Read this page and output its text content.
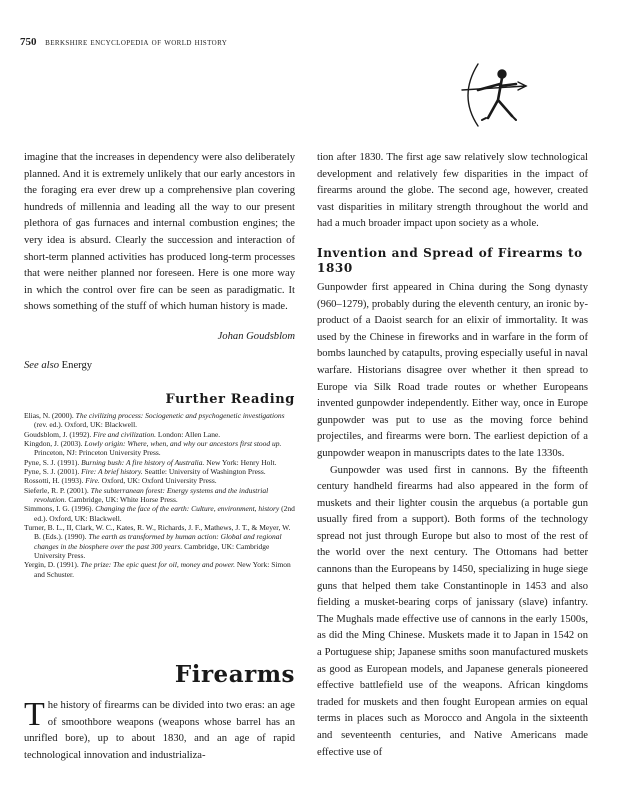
750 berkshire encyclopedia of world history

imagine that the increases in dependency were also deliberately planned. And it is extremely unlikely that our early ancestors in the foraging era ever drew up a comprehensive plan covering hundreds of millennia and leading all the way to our present plethora of gas furnaces and internal combustion engines; the very idea is absurd. Clearly the succession and interaction of short-term planned activities has produced long-term processes that were neither planned nor foreseen. Here is one more way in which the control over fire can be seen as paradigmatic. It shows something of the stuff of which human history is made.

Johan Goudsblom

See also Energy

Further Reading

Elias, N. (2000). The civilizing process: Sociogenetic and psychogenetic investigations (rev. ed.). Oxford, UK: Blackwell.

Goudsblom, J. (1992). Fire and civilization. London: Allen Lane.

Kingdon, J. (2003). Lowly origin: Where, when, and why our ancestors first stood up. Princeton, NJ: Princeton University Press.

Pyne, S. J. (1991). Burning bush: A fire history of Australia. New York: Henry Holt.

Pyne, S. J. (2001). Fire: A brief history. Seattle: University of Washington Press.

Rossotti, H. (1993). Fire. Oxford, UK: Oxford University Press.

Sieferle, R. P. (2001). The subterranean forest: Energy systems and the industrial revolution. Cambridge, UK: White Horse Press.

Simmons, I. G. (1996). Changing the face of the earth: Culture, environment, history (2nd ed.). Oxford, UK: Blackwell.

Turner, B. L., II, Clark, W. C., Kates, R. W., Richards, J. F., Mathews, J. T., & Meyer, W. B. (Eds.). (1990). The earth as transformed by human action: Global and regional changes in the biosphere over the past 300 years. Cambridge, UK: Cambridge University Press.

Yergin, D. (1991). The prize: The epic quest for oil, money and power. New York: Simon and Schuster.

Firearms

The history of firearms can be divided into two eras: an age of smoothbore weapons (weapons whose barrel has an unrifled bore), up to about 1830, and an age of rapid technological innovation and industrializa-

tion after 1830. The first age saw relatively slow technological development and relatively few disparities in the impact of firearms around the globe. The second age, however, created vast disparities in military strength throughout the world and had a much broader impact upon society as a whole.

Invention and Spread of Firearms to 1830

Gunpowder first appeared in China during the Song dynasty (960–1279), probably during the eleventh century, an ironic by-product of a Daoist search for an elixir of immortality. It was used by the Chinese in fireworks and in warfare in the form of bombs launched by catapults, proving especially useful in naval warfare. Historians disagree over whether it then spread to Europe via Silk Road trade routes or whether Europeans invented gunpowder independently. Either way, once in Europe gunpowder was put to use as the moving force behind projectiles, and firearms were born. The earliest depiction of a gunpowder weapon in manuscripts dates to the late 1330s.

Gunpowder was used first in cannons. By the fifteenth century handheld firearms had also appeared in the form of muskets and their lighter cousin the arquebus (a portable gun usually fired from a support). Both forms of the technology spread not just through Europe but also to most of the rest of the world over the next century. The Ottomans had better cannons than the Europeans by 1450, specializing in huge siege guns that helped them take Constantinople in 1453 and also fielding a musket-bearing corps of janissary (slave) infantry. The Mughals made effective use of cannons in the early 1500s, as did the Ming Chinese. Muskets made it to Japan in 1542 on a Portuguese ship; Japanese smiths soon manufactured muskets as good as European models, and Japanese generals pioneered effective battlefield use of the weapons. African kingdoms traded for muskets and then fought European armies on equal terms in places such as Morocco and Angola in the sixteenth and seventeenth centuries, and Native Americans made effective use of
